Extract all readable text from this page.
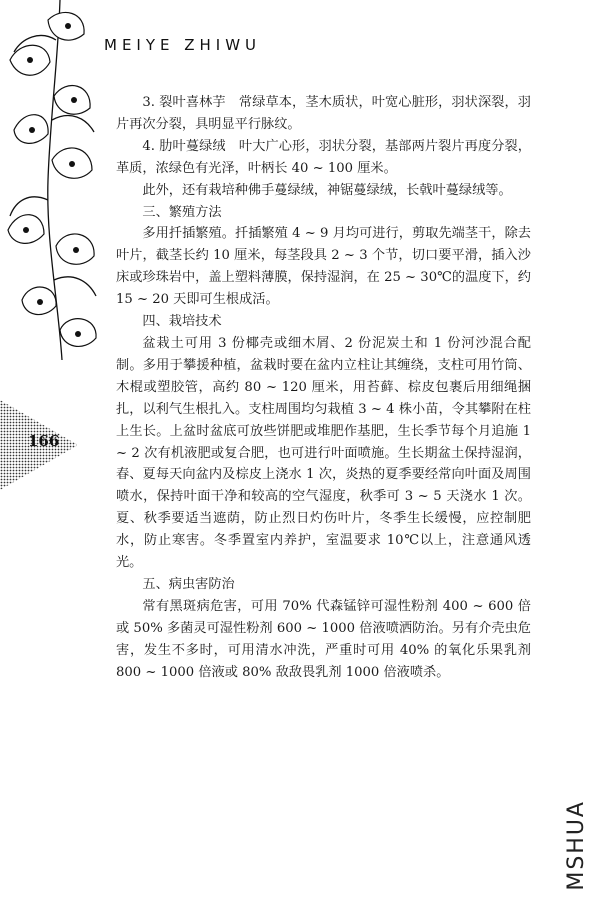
MEIYE ZHIWU
166

3. 裂叶喜林芋　常绿草本，茎木质状，叶宽心脏形，羽状深裂，羽片再次分裂，具明显平行脉纹。

4. 肋叶蔓绿绒　叶大广心形，羽状分裂，基部两片裂片再度分裂，革质，浓绿色有光泽，叶柄长 40 ~ 100 厘米。

此外，还有栽培种佛手蔓绿绒，神锯蔓绿绒，长戟叶蔓绿绒等。

三、繁殖方法

多用扦插繁殖。扦插繁殖 4 ~ 9 月均可进行，剪取先端茎干，除去叶片，截茎长约 10 厘米，每茎段具 2 ~ 3 个节，切口要平滑，插入沙床或珍珠岩中，盖上塑料薄膜，保持湿润，在 25 ~ 30℃的温度下，约 15 ~ 20 天即可生根成活。

四、栽培技术

盆栽土可用 3 份椰壳或细木屑、2 份泥炭土和 1 份河沙混合配制。多用于攀援种植，盆栽时要在盆内立柱让其缠绕，支柱可用竹筒、木棍或塑胶管，高约 80 ~ 120 厘米，用苔藓、棕皮包裹后用细绳捆扎，以利气生根扎入。支柱周围均匀栽植 3 ~ 4 株小苗，令其攀附在柱上生长。上盆时盆底可放些饼肥或堆肥作基肥，生长季节每个月追施 1 ~ 2 次有机液肥或复合肥，也可进行叶面喷施。生长期盆土保持湿润，春、夏每天向盆内及棕皮上浇水 1 次，炎热的夏季要经常向叶面及周围喷水，保持叶面干净和较高的空气湿度，秋季可 3 ~ 5 天浇水 1 次。夏、秋季要适当遮荫，防止烈日灼伤叶片，冬季生长缓慢，应控制肥水，防止寒害。冬季置室内养护，室温要求 10℃以上，注意通风透光。

五、病虫害防治

常有黑斑病危害，可用 70% 代森锰锌可湿性粉剂 400 ~ 600 倍或 50% 多菌灵可湿性粉剂 600 ~ 1000 倍液喷洒防治。另有介壳虫危害，发生不多时，可用清水冲洗，严重时可用 40% 的氧化乐果乳剂 800 ~ 1000 倍液或 80% 敌敌畏乳剂 1000 倍液喷杀。

MSHUA
